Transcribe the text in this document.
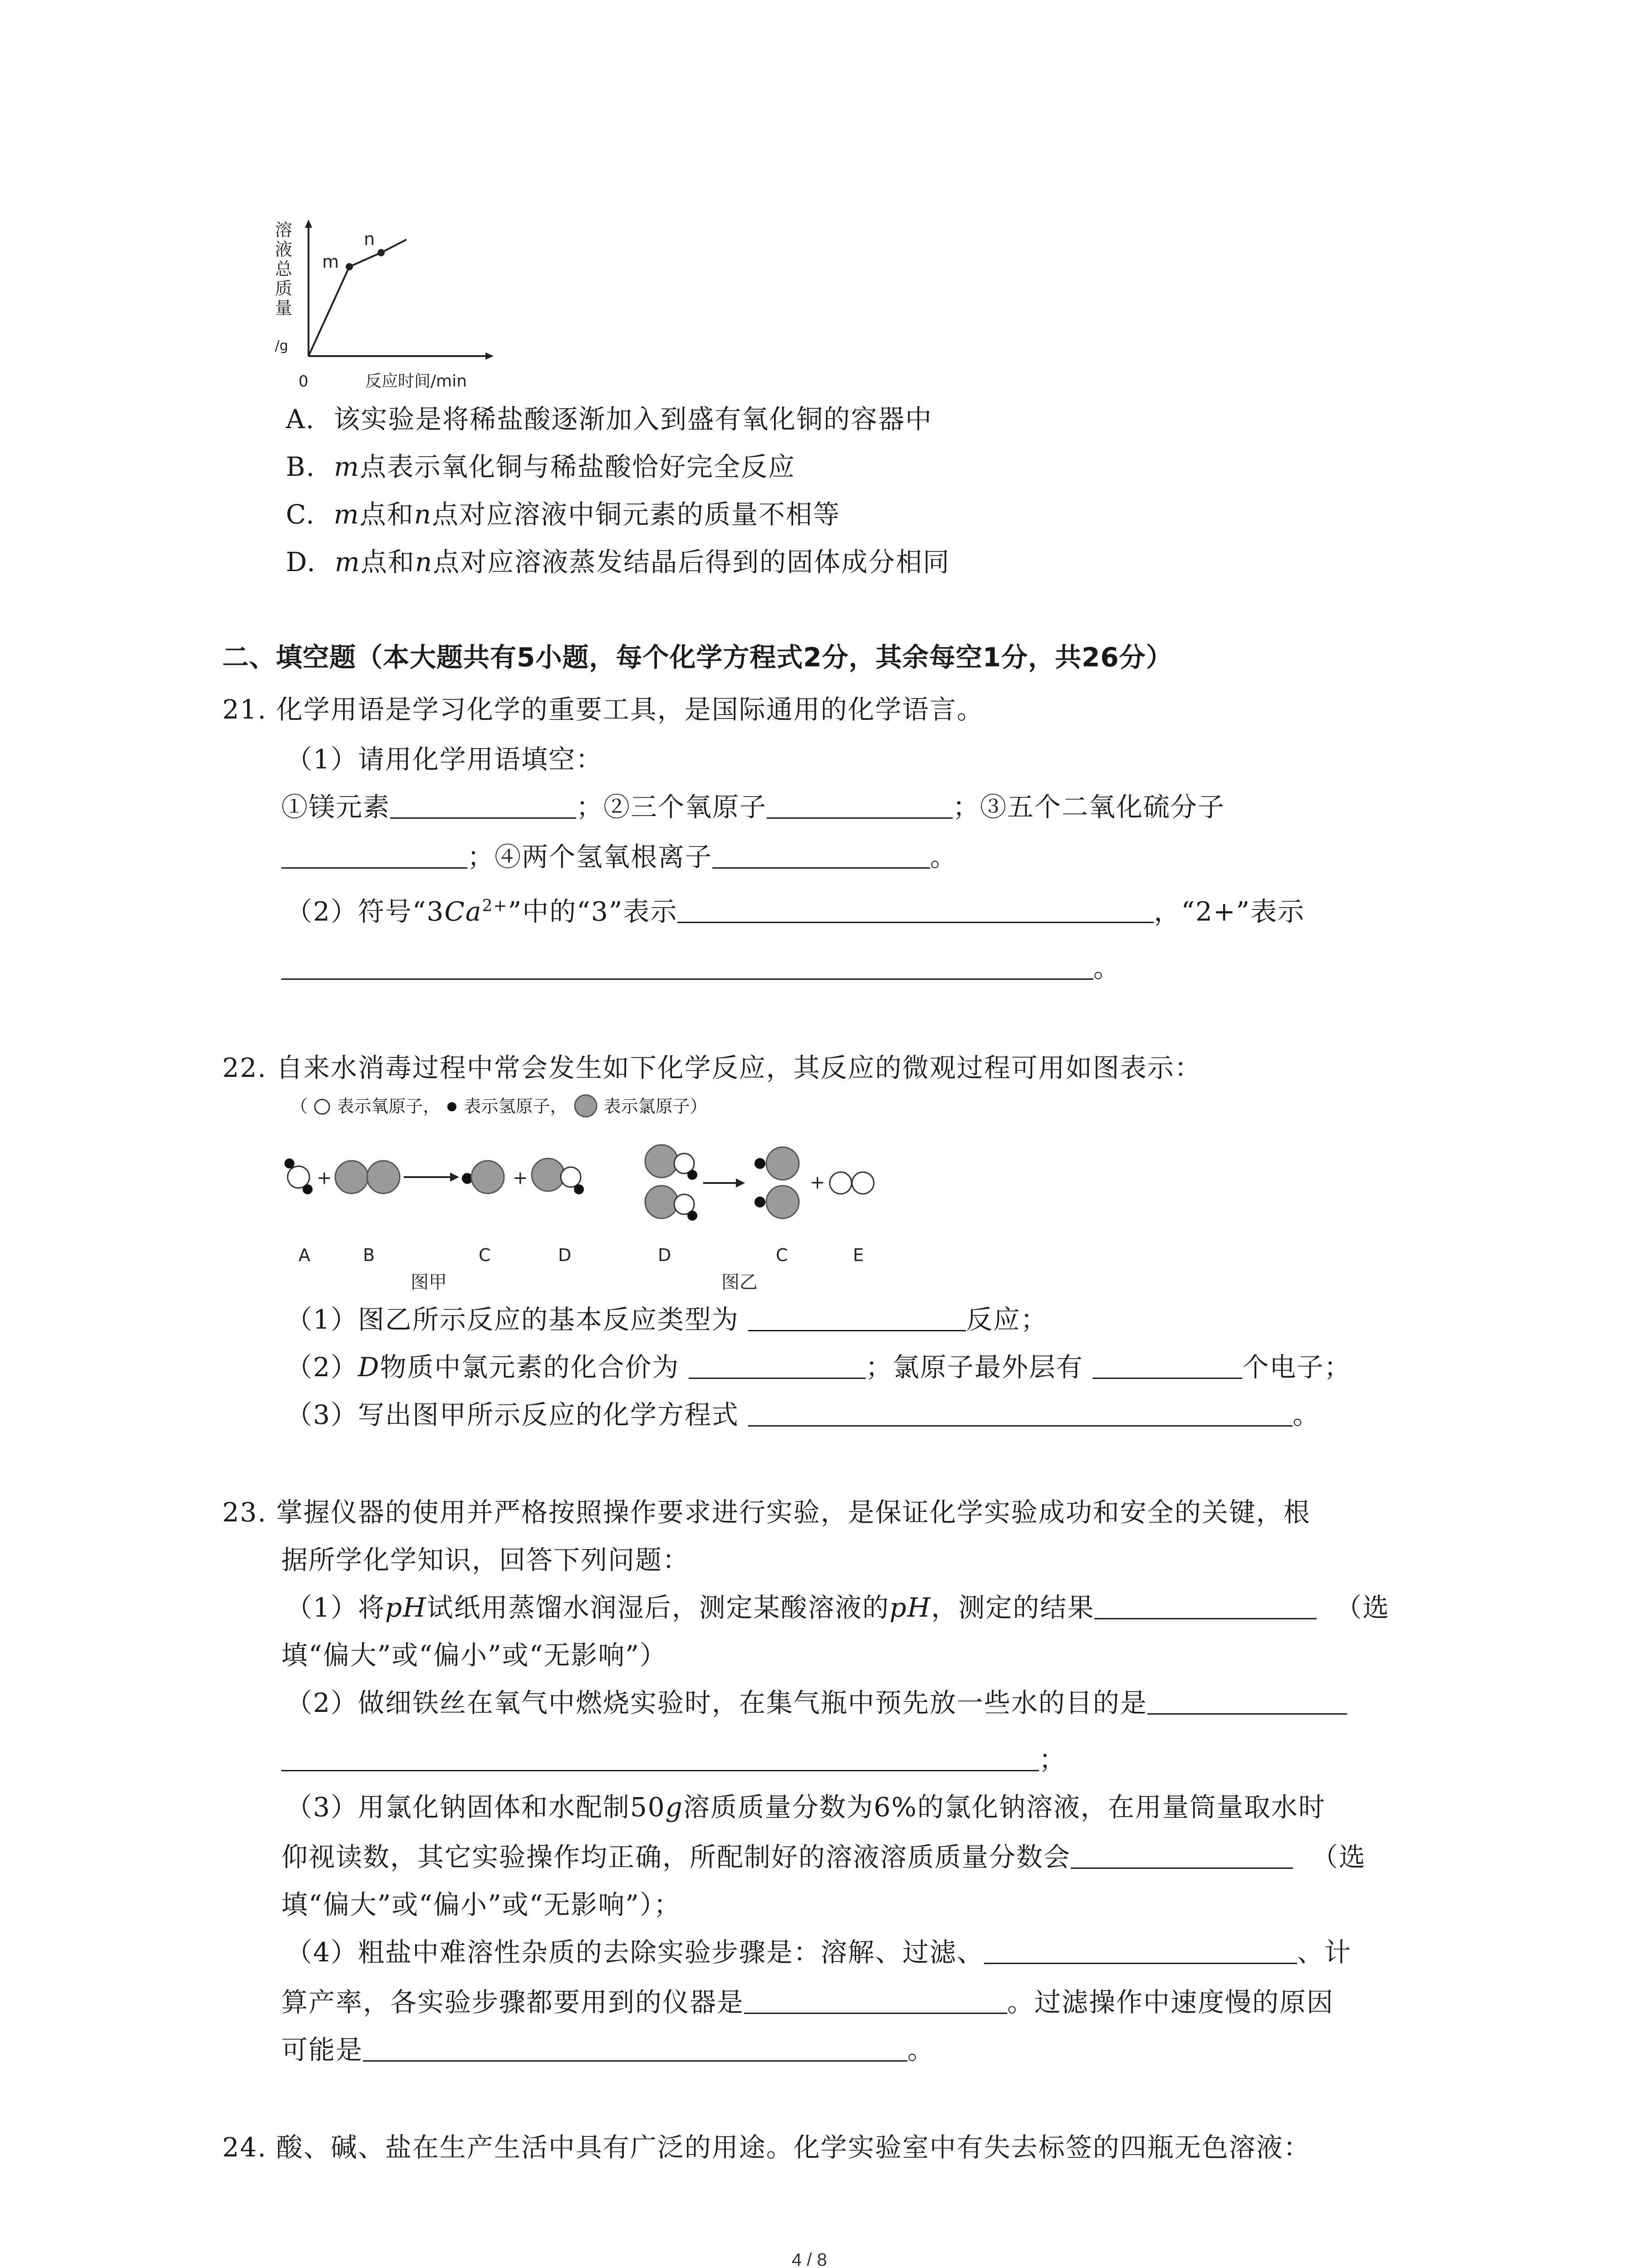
溶
液
总
质
量
/g
m
n
0	反应时间/min
A. 该实验是将稀盐酸逐渐加入到盛有氧化铜的容器中
B. m点表示氧化铜与稀盐酸恰好完全反应
C. m点和n点对应溶液中铜元素的质量不相等
D. m点和n点对应溶液蒸发结晶后得到的固体成分相同
二、填空题（本大题共有5小题，每个化学方程式2分，其余每空1分，共26分）
21. 化学用语是学习化学的重要工具，是国际通用的化学语言。
（1）请用化学用语填空：
①镁元素	；②三个氧原子	；③五个二氧化硫分子
；④两个氢氧根离子	。
（2）符号“$3Ca^{2+}$”中的“3”表示	，“2+”表示
。
22. 自来水消毒过程中常会发生如下化学反应，其反应的微观过程可用如图表示：
（ 表示氧原子， 表示氢原子， 表示氯原子）
+	+
A	B	C	D
图甲
+
D	C	E
图乙
（1）图乙所示反应的基本反应类型为	反应；
（2）D物质中氯元素的化合价为	；氯原子最外层有	个电子；
（3）写出图甲所示反应的化学方程式	。
23. 掌握仪器的使用并严格按照操作要求进行实验，是保证化学实验成功和安全的关键，根
据所学化学知识，回答下列问题：
（1）将pH试纸用蒸馏水润湿后，测定某酸溶液的pH，测定的结果	（选
填“偏大”或“偏小”或“无影响”）
（2）做细铁丝在氧气中燃烧实验时，在集气瓶中预先放一些水的目的是
；
（3）用氯化钠固体和水配制50g溶质质量分数为6%的氯化钠溶液，在用量筒量取水时
仰视读数，其它实验操作均正确，所配制好的溶液溶质质量分数会	（选
填“偏大”或“偏小”或“无影响”）；
（4）粗盐中难溶性杂质的去除实验步骤是：溶解、过滤、	、计
算产率，各实验步骤都要用到的仪器是	。过滤操作中速度慢的原因
可能是	。
24. 酸、碱、盐在生产生活中具有广泛的用途。化学实验室中有失去标签的四瓶无色溶液：
4 / 8
